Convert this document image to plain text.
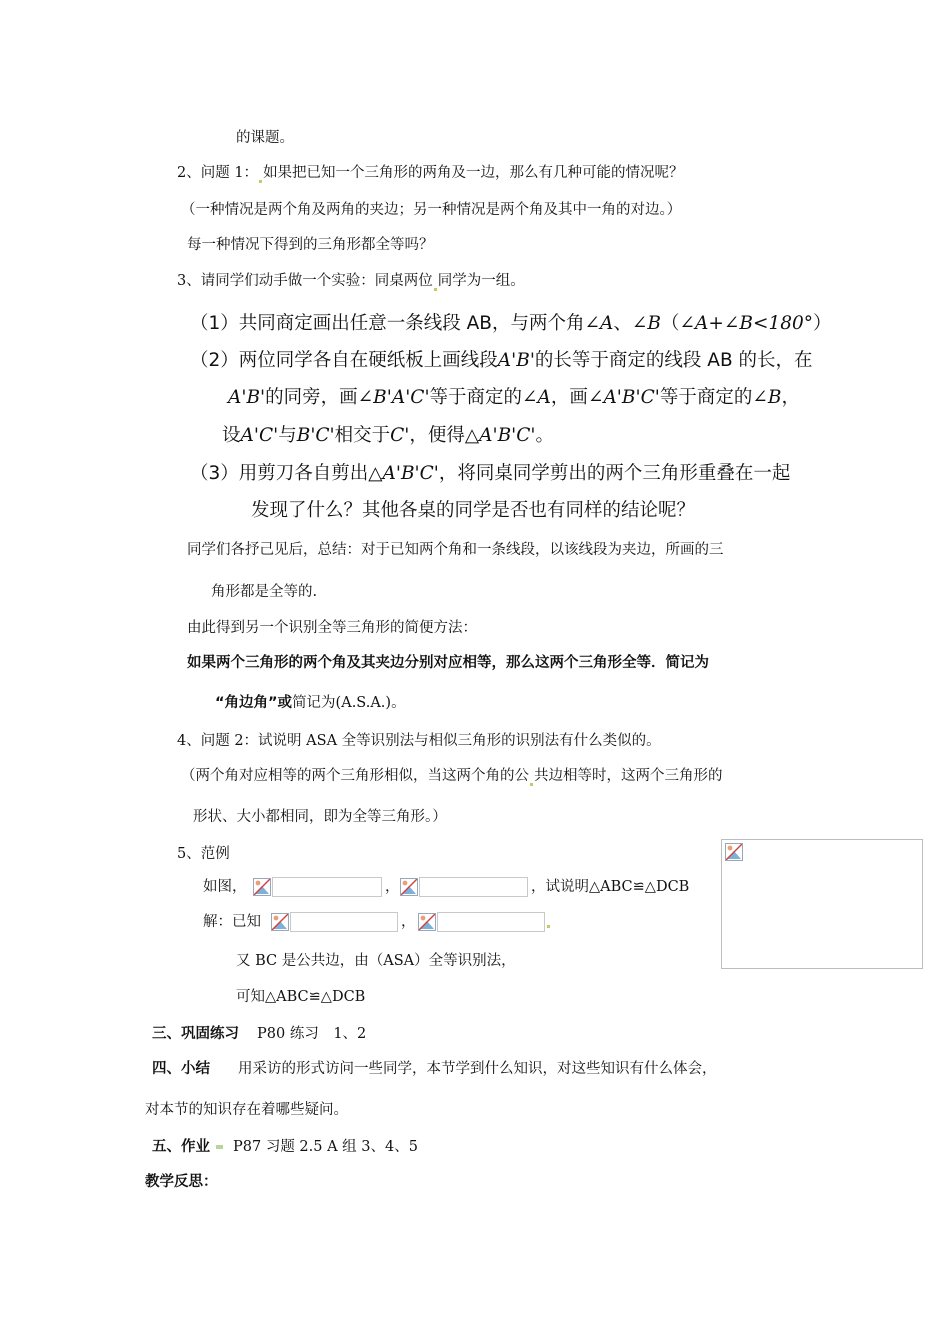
的课题。
2、问题 1： 如果把已知一个三角形的两角及一边，那么有几种可能的情况呢？
（一种情况是两个角及两角的夹边；另一种情况是两个角及其中一角的对边。）
每一种情况下得到的三角形都全等吗？
3、请同学们动手做一个实验：同桌两位 同学为一组。
（1）共同商定画出任意一条线段 AB，与两个角∠A、∠B（∠A+∠B<180°）
（2）两位同学各自在硬纸板上画线段A'B'的长等于商定的线段 AB 的长，在
A'B'的同旁，画∠B'A'C'等于商定的∠A，画∠A'B'C'等于商定的∠B，
设A'C'与B'C'相交于C'，便得△A'B'C'。
（3）用剪刀各自剪出△A'B'C'，将同桌同学剪出的两个三角形重叠在一起
发现了什么？其他各桌的同学是否也有同样的结论呢？
同学们各抒己见后，总结：对于已知两个角和一条线段，以该线段为夹边，所画的三
角形都是全等的.
由此得到另一个识别全等三角形的简便方法：
如果两个三角形的两个角及其夹边分别对应相等，那么这两个三角形全等．简记为
“角边角”或简记为(A.S.A.)。
4、问题 2：试说明 ASA 全等识别法与相似三角形的识别法有什么类似的。
（两个角对应相等的两个三角形相似，当这两个角的公 共边相等时，这两个三角形的
形状、大小都相同，即为全等三角形。）
5、范例
如图，	，	，试说明△ABC≌△DCB
解：已知	，
又 BC 是公共边，由（ASA）全等识别法，
可知△ABC≌△DCB
三、巩固练习 P80 练习　1、2
四、小结 用采访的形式访问一些同学，本节学到什么知识，对这些知识有什么体会，
对本节的知识存在着哪些疑问。
五、作业 P87 习题 2.5 A 组 3、4、5
教学反思：
